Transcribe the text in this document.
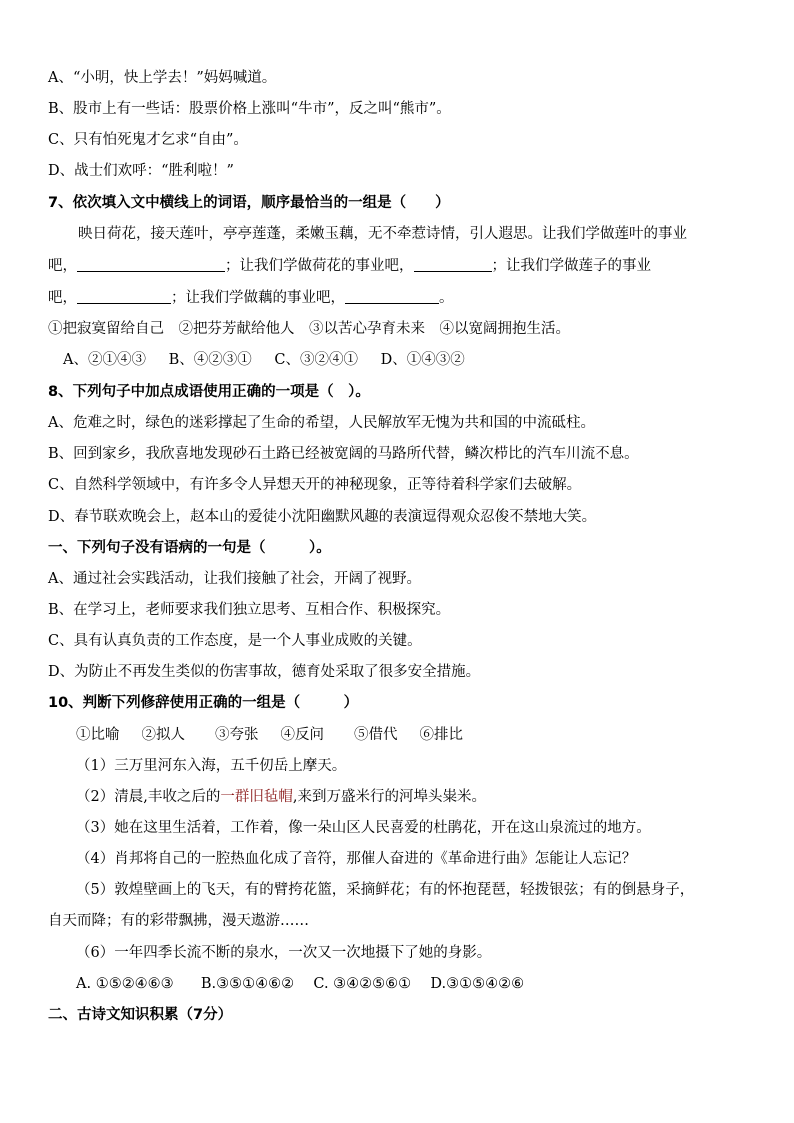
A、“小明，快上学去！”妈妈喊道。
B、股市上有一些话：股票价格上涨叫“牛市”，反之叫“熊市”。
C、只有怕死鬼才乞求“自由”。
D、战士们欢呼：“胜利啦！”
7、依次填入文中横线上的词语，顺序最恰当的一组是（　　）
映日荷花，接天莲叶，亭亭莲蓬，柔嫩玉藕，无不牵惹诗情，引人遐思。让我们学做莲叶的事业
吧，	；让我们学做荷花的事业吧，	；让我们学做莲子的事业
吧，	；让我们学做藕的事业吧，	。
①把寂寞留给自己　②把芬芳献给他人　③以苦心孕育未来　④以宽阔拥抱生活。
A、②①④③ B、④②③① C、③②④① D、①④③②
8、下列句子中加点成语使用正确的一项是（　）。
A、危难之时，绿色的迷彩撑起了生命的希望，人民解放军无愧为共和国的中流砥柱。
B、回到家乡，我欣喜地发现砂石土路已经被宽阔的马路所代替，鳞次栉比的汽车川流不息。
C、自然科学领域中，有许多令人异想天开的神秘现象，正等待着科学家们去破解。
D、春节联欢晚会上，赵本山的爱徒小沈阳幽默风趣的表演逗得观众忍俊不禁地大笑。
一、下列句子没有语病的一句是（　　　）。
A、通过社会实践活动，让我们接触了社会，开阔了视野。
B、在学习上，老师要求我们独立思考、互相合作、积极探究。
C、具有认真负责的工作态度，是一个人事业成败的关键。
D、为防止不再发生类似的伤害事故，德育处采取了很多安全措施。
10、判断下列修辞使用正确的一组是（　　　）
①比喻 ②拟人 ③夸张 ④反问 ⑤借代 ⑥排比
（1）三万里河东入海，五千仞岳上摩天。
（2）清晨,丰收之后的一群旧毡帽,来到万盛米行的河埠头粜米。
（3）她在这里生活着，工作着，像一朵山区人民喜爱的杜鹃花，开在这山泉流过的地方。
（4）肖邦将自己的一腔热血化成了音符，那催人奋进的《革命进行曲》怎能让人忘记？
（5）敦煌壁画上的飞天，有的臂挎花篮，采摘鲜花；有的怀抱琵琶，轻拨银弦；有的倒悬身子，
自天而降；有的彩带飘拂，漫天遨游……
（6）一年四季长流不断的泉水，一次又一次地摄下了她的身影。
A. ①⑤②④⑥③ B.③⑤①④⑥② C. ③④②⑤⑥① D.③①⑤④②⑥
二、古诗文知识积累（7分）
